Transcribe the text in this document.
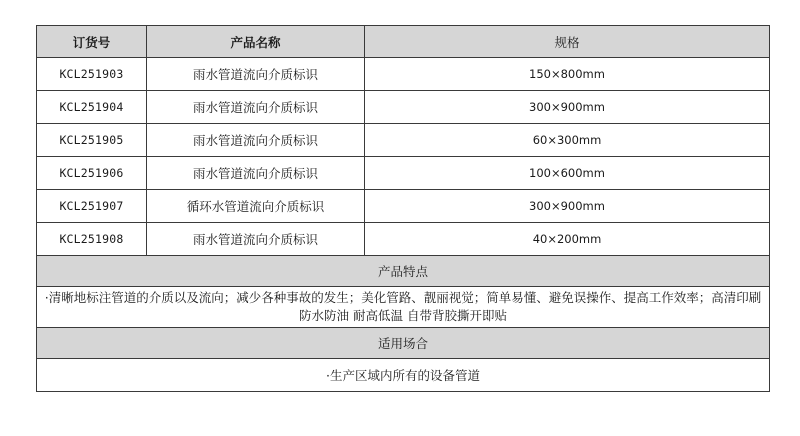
订货号	产品名称	规格
KCL251903	雨水管道流向介质标识	150×800mm
KCL251904	雨水管道流向介质标识	300×900mm
KCL251905	雨水管道流向介质标识	60×300mm
KCL251906	雨水管道流向介质标识	100×600mm
KCL251907	循环水管道流向介质标识	300×900mm
KCL251908	雨水管道流向介质标识	40×200mm
产品特点		
·清晰地标注管道的介质以及流向；减少各种事故的发生；美化管路、靓丽视觉；简单易懂、避免误操作、提高工作效率；高清印刷 防水防油 耐高低温 自带背胶撕开即贴		
适用场合		
·生产区域内所有的设备管道		
